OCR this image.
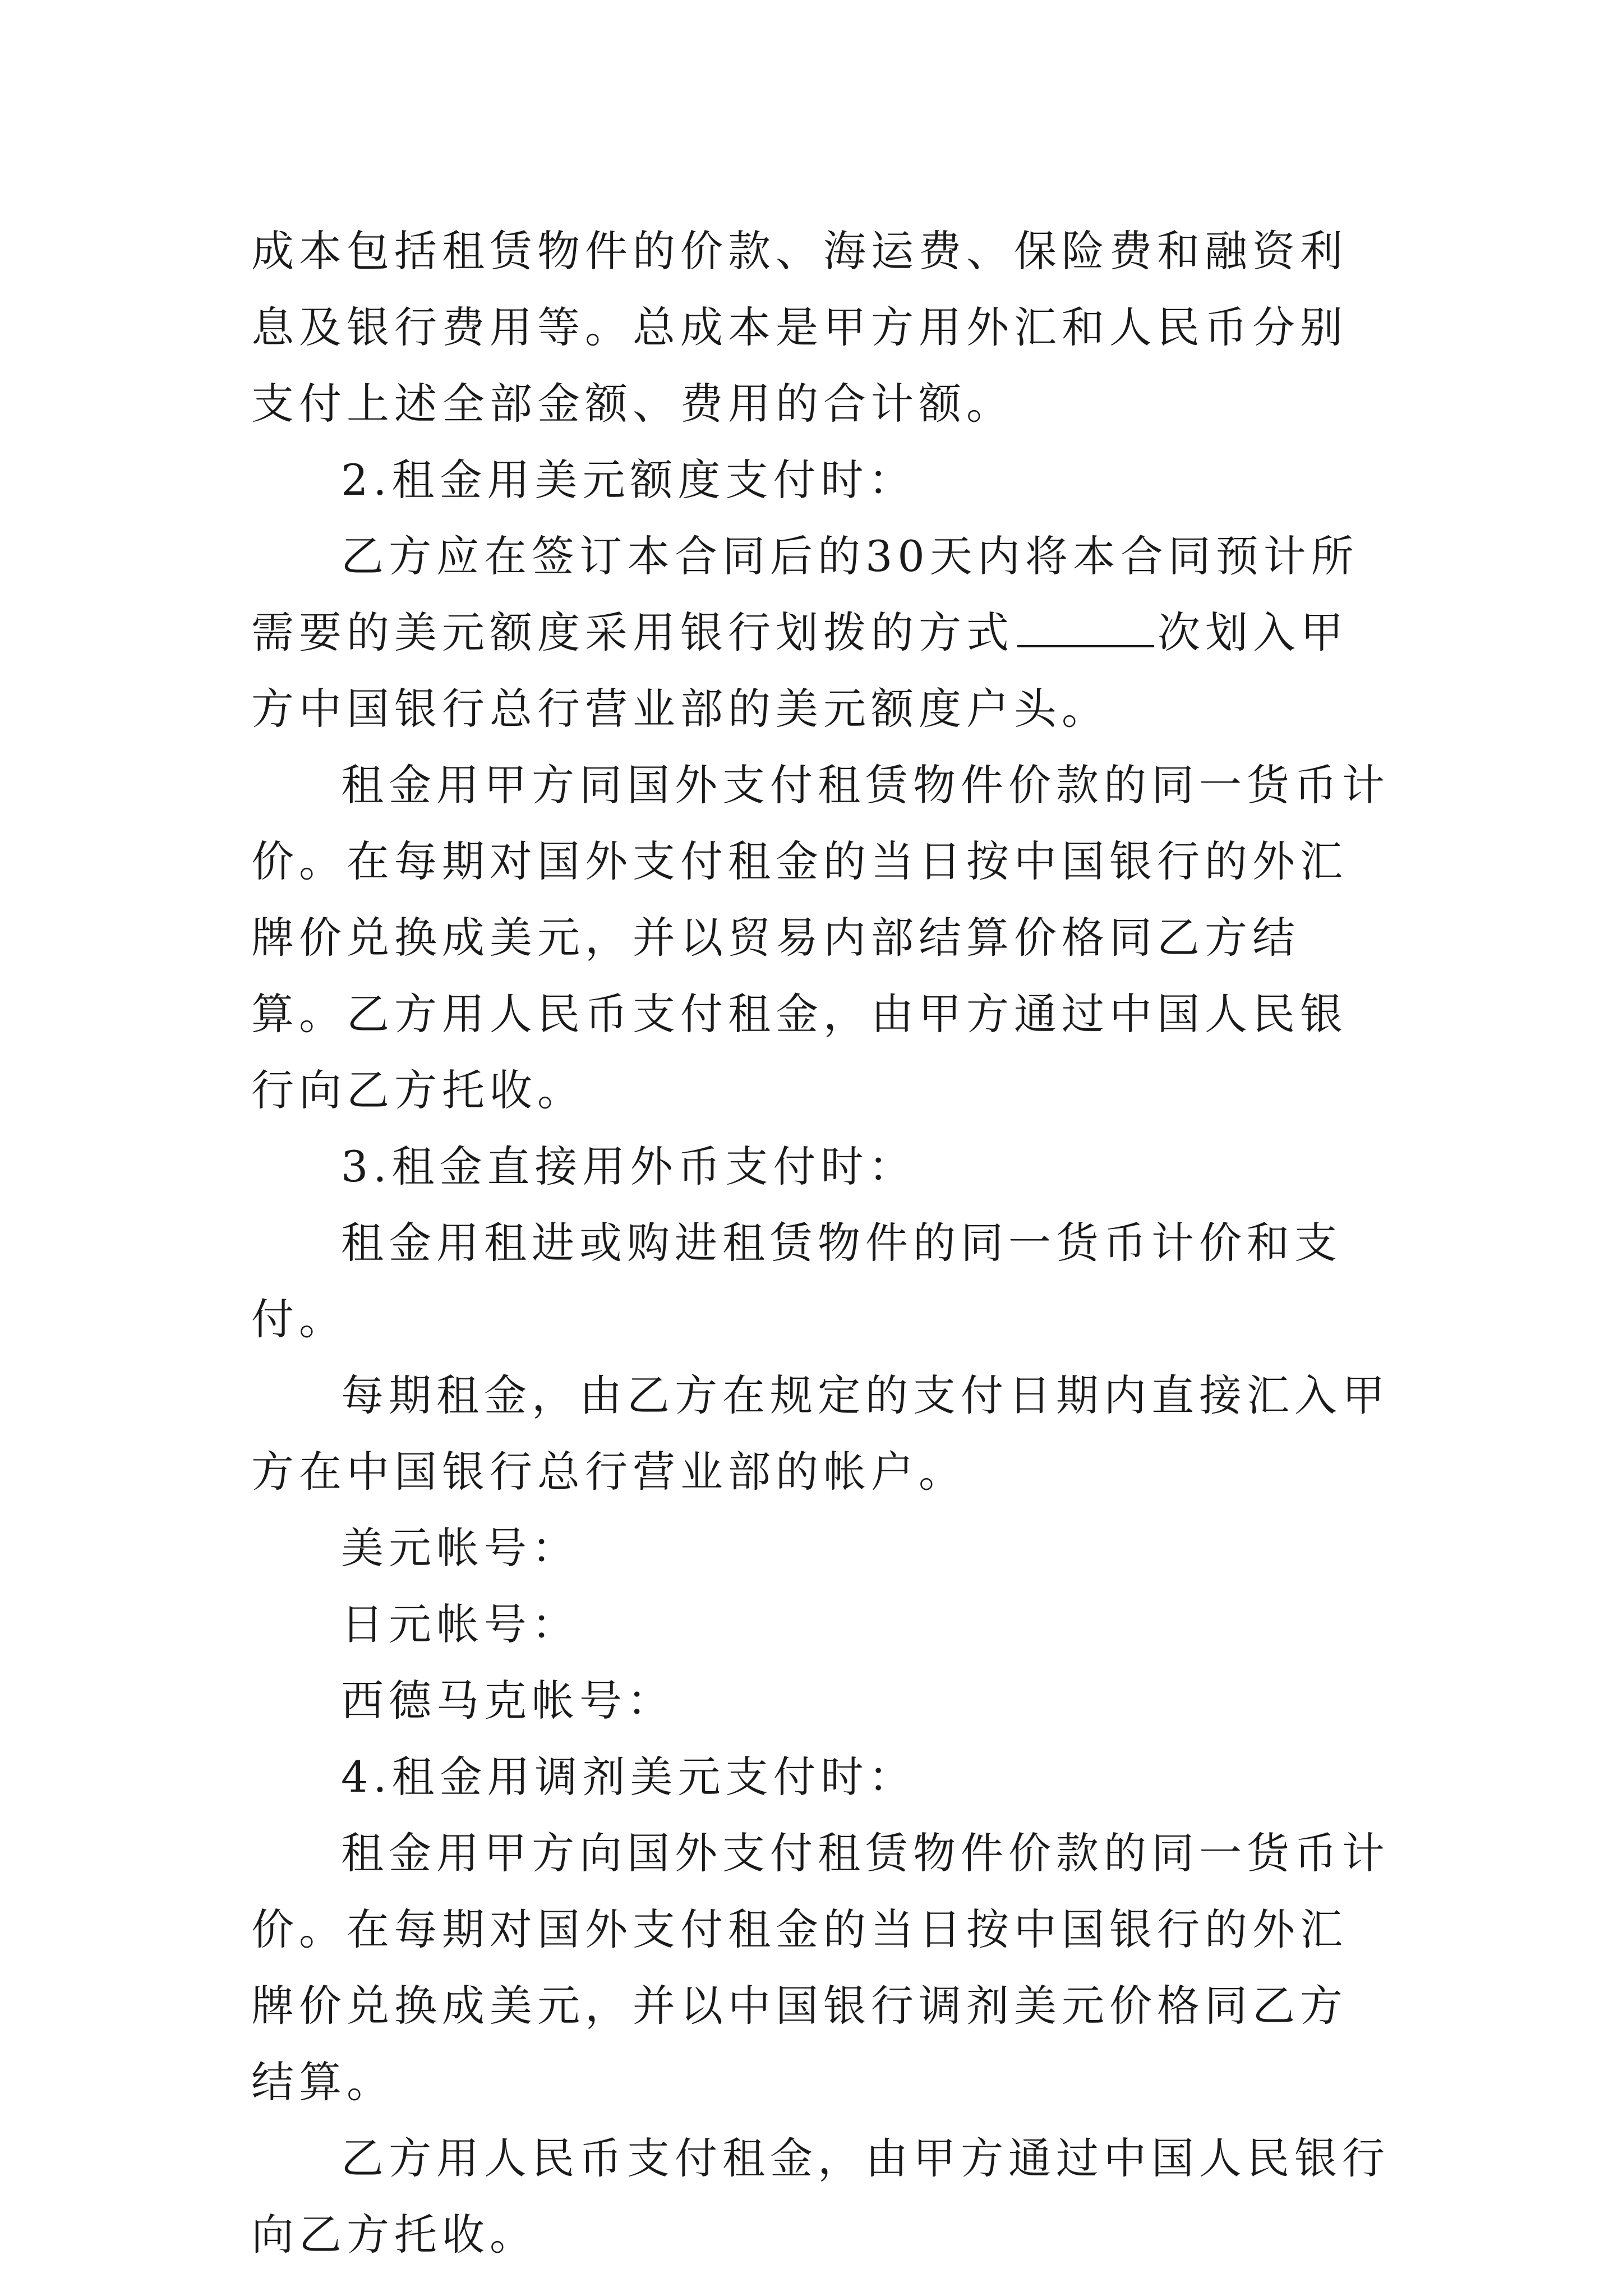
成本包括租赁物件的价款、海运费、保险费和融资利息及银行费用等。总成本是甲方用外汇和人民币分别支付上述全部金额、费用的合计额。

2.租金用美元额度支付时：

乙方应在签订本合同后的30天内将本合同预计所需要的美元额度采用银行划拨的方式	次划入甲方中国银行总行营业部的美元额度户头。

租金用甲方同国外支付租赁物件价款的同一货币计价。在每期对国外支付租金的当日按中国银行的外汇牌价兑换成美元，并以贸易内部结算价格同乙方结算。乙方用人民币支付租金，由甲方通过中国人民银行向乙方托收。

3.租金直接用外币支付时：

租金用租进或购进租赁物件的同一货币计价和支付。

每期租金，由乙方在规定的支付日期内直接汇入甲方在中国银行总行营业部的帐户。

美元帐号：

日元帐号：

西德马克帐号：

4.租金用调剂美元支付时：

租金用甲方向国外支付租赁物件价款的同一货币计价。在每期对国外支付租金的当日按中国银行的外汇牌价兑换成美元，并以中国银行调剂美元价格同乙方结算。

乙方用人民币支付租金，由甲方通过中国人民银行向乙方托收。
